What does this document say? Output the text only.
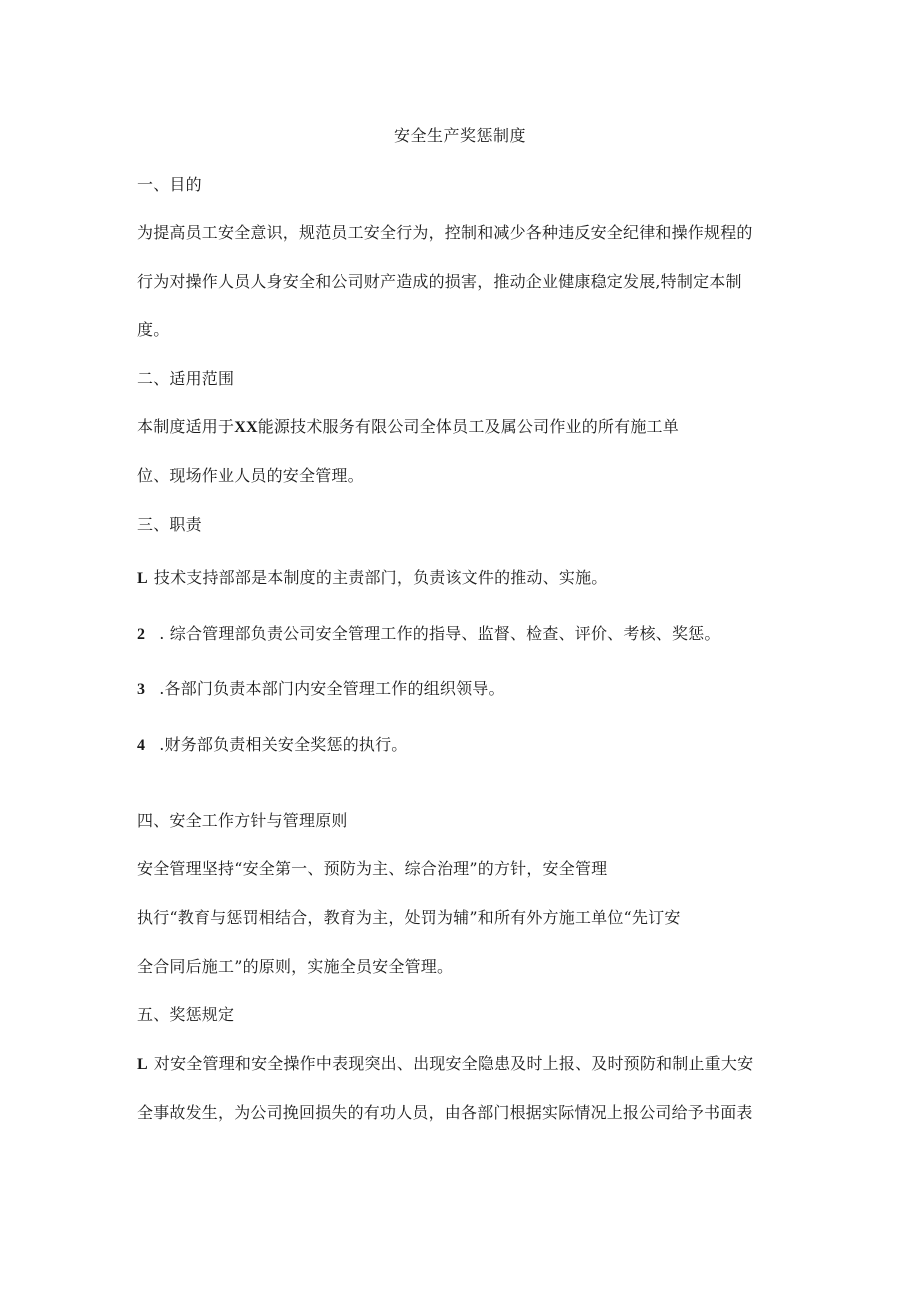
安全生产奖惩制度
一、目的
为提高员工安全意识，规范员工安全行为，控制和减少各种违反安全纪律和操作规程的
行为对操作人员人身安全和公司财产造成的损害，推动企业健康稳定发展,特制定本制
度。
二、适用范围
本制度适用于XX能源技术服务有限公司全体员工及属公司作业的所有施工单
位、现场作业人员的安全管理。
三、职责
L 技术支持部部是本制度的主责部门，负责该文件的推动、实施。
2 . 综合管理部负责公司安全管理工作的指导、监督、检查、评价、考核、奖惩。
3 .各部门负责本部门内安全管理工作的组织领导。
4 .财务部负责相关安全奖惩的执行。
四、安全工作方针与管理原则
安全管理坚持“安全第一、预防为主、综合治理”的方针，安全管理
执行“教育与惩罚相结合，教育为主，处罚为辅”和所有外方施工单位“先订安
全合同后施工”的原则，实施全员安全管理。
五、奖惩规定
L 对安全管理和安全操作中表现突出、出现安全隐患及时上报、及时预防和制止重大安
全事故发生，为公司挽回损失的有功人员，由各部门根据实际情况上报公司给予书面表
